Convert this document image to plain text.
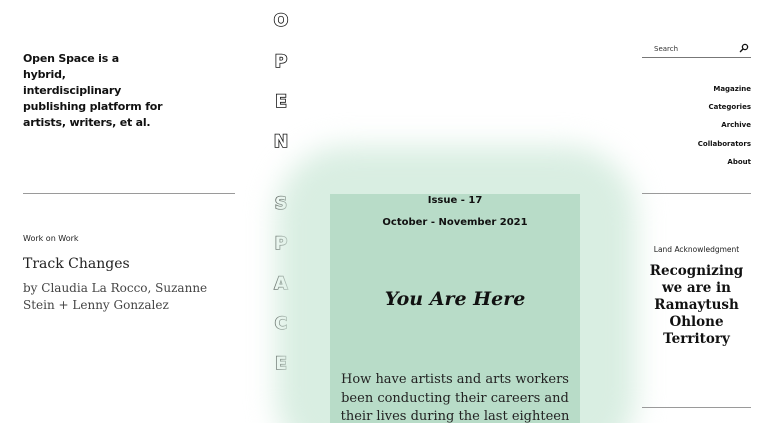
Open Space is a hybrid, interdisciplinary publishing platform for artists, writers, et al.
Work on Work
Track Changes
by Claudia La Rocco, Suzanne Stein + Lenny Gonzalez
O
P
E
N
Issue - 17
October - November 2021
You Are Here
How have artists and arts workers been conducting their careers and their lives during the last eighteen
Search
Magazine
Categories
Archive
Collaborators
About
Land Acknowledgment
Recognizing we are in Ramaytush Ohlone Territory
